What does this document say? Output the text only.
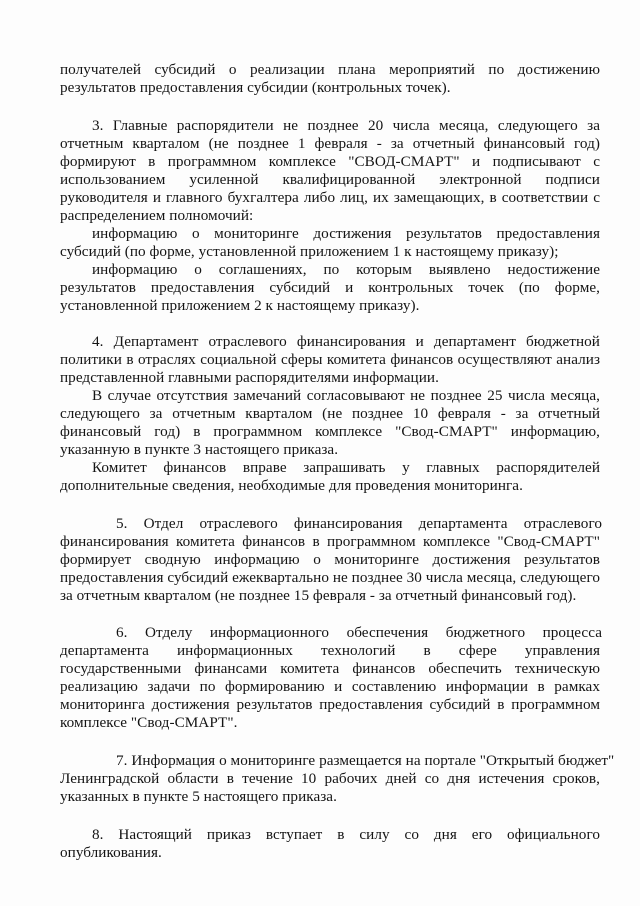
получателей субсидий о реализации плана мероприятий по достижению
результатов предоставления субсидии (контрольных точек).
3. Главные распорядители не позднее 20 числа месяца, следующего за
отчетным кварталом (не позднее 1 февраля - за отчетный финансовый год)
формируют в программном комплексе "СВОД-СМАРТ" и подписывают с
использованием усиленной квалифицированной электронной подписи
руководителя и главного бухгалтера либо лиц, их замещающих, в соответствии с
распределением полномочий:
информацию о мониторинге достижения результатов предоставления
субсидий (по форме, установленной приложением 1 к настоящему приказу);
информацию о соглашениях, по которым выявлено недостижение
результатов предоставления субсидий и контрольных точек (по форме,
установленной приложением 2 к настоящему приказу).
4. Департамент отраслевого финансирования и департамент бюджетной
политики в отраслях социальной сферы комитета финансов осуществляют анализ
представленной главными распорядителями информации.
В случае отсутствия замечаний согласовывают не позднее 25 числа месяца,
следующего за отчетным кварталом (не позднее 10 февраля - за отчетный
финансовый год) в программном комплексе "Свод-СМАРТ" информацию,
указанную в пункте 3 настоящего приказа.
Комитет финансов вправе запрашивать у главных распорядителей
дополнительные сведения, необходимые для проведения мониторинга.
5. Отдел отраслевого финансирования департамента отраслевого
финансирования комитета финансов в программном комплексе "Свод-СМАРТ"
формирует сводную информацию о мониторинге достижения результатов
предоставления субсидий ежеквартально не позднее 30 числа месяца, следующего
за отчетным кварталом (не позднее 15 февраля - за отчетный финансовый год).
6. Отделу информационного обеспечения бюджетного процесса
департамента информационных технологий в сфере управления
государственными финансами комитета финансов обеспечить техническую
реализацию задачи по формированию и составлению информации в рамках
мониторинга достижения результатов предоставления субсидий в программном
комплексе "Свод-СМАРТ".
7. Информация о мониторинге размещается на портале "Открытый бюджет"
Ленинградской области в течение 10 рабочих дней со дня истечения сроков,
указанных в пункте 5 настоящего приказа.
8. Настоящий приказ вступает в силу со дня его официального
опубликования.
